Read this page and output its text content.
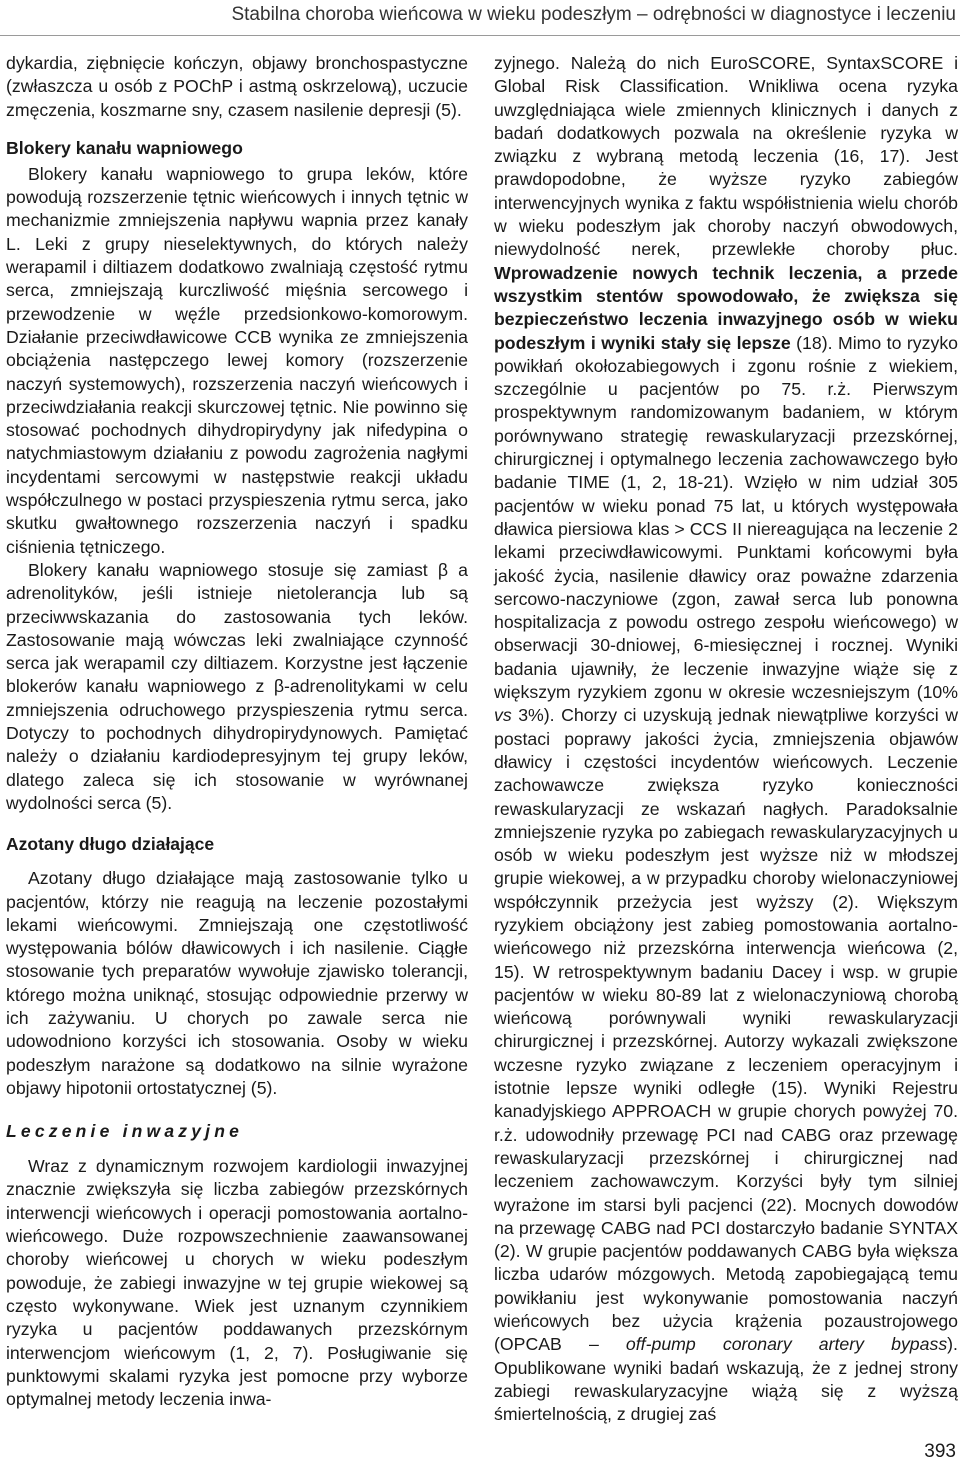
Stabilna choroba wieńcowa w wieku podeszłym – odrębności w diagnostyce i leczeniu

dykardia, ziębnięcie kończyn, objawy bronchospastyczne (zwłaszcza u osób z POChP i astmą oskrzelową), uczucie zmęczenia, koszmarne sny, czasem nasilenie depresji (5).

Blokery kanału wapniowego

Blokery kanału wapniowego to grupa leków, które powodują rozszerzenie tętnic wieńcowych i innych tętnic w mechanizmie zmniejszenia napływu wapnia przez kanały L. Leki z grupy nieselektywnych, do których należy werapamil i diltiazem dodatkowo zwalniają częstość rytmu serca, zmniejszają kurczliwość mięśnia sercowego i przewodzenie w węźle przedsionkowo-komorowym. Działanie przeciwdławicowe CCB wynika ze zmniejszenia obciążenia następczego lewej komory (rozszerzenie naczyń systemowych), rozszerzenia naczyń wieńcowych i przeciwdziałania reakcji skurczowej tętnic. Nie powinno się stosować pochodnych dihydropirydyny jak nifedypina o natychmiastowym działaniu z powodu zagrożenia nagłymi incydentami sercowymi w następstwie reakcji układu współczulnego w postaci przyspieszenia rytmu serca, jako skutku gwałtownego rozszerzenia naczyń i spadku ciśnienia tętniczego.

Blokery kanału wapniowego stosuje się zamiast β a adrenolityków, jeśli istnieje nietolerancja lub są przeciwwskazania do zastosowania tych leków. Zastosowanie mają wówczas leki zwalniające czynność serca jak werapamil czy diltiazem. Korzystne jest łączenie blokerów kanału wapniowego z β-adrenolitykami w celu zmniejszenia odruchowego przyspieszenia rytmu serca. Dotyczy to pochodnych dihydropirydynowych. Pamiętać należy o działaniu kardiodepresyjnym tej grupy leków, dlatego zaleca się ich stosowanie w wyrównanej wydolności serca (5).

Azotany długo działające

Azotany długo działające mają zastosowanie tylko u pacjentów, którzy nie reagują na leczenie pozostałymi lekami wieńcowymi. Zmniejszają one częstotliwość występowania bólów dławicowych i ich nasilenie. Ciągłe stosowanie tych preparatów wywołuje zjawisko tolerancji, którego można uniknąć, stosując odpowiednie przerwy w ich zażywaniu. U chorych po zawale serca nie udowodniono korzyści ich stosowania. Osoby w wieku podeszłym narażone są dodatkowo na silnie wyrażone objawy hipotonii ortostatycznej (5).

Leczenie inwazyjne

Wraz z dynamicznym rozwojem kardiologii inwazyjnej znacznie zwiększyła się liczba zabiegów przezskórnych interwencji wieńcowych i operacji pomostowania aortalno-wieńcowego. Duże rozpowszechnienie zaawansowanej choroby wieńcowej u chorych w wieku podeszłym powoduje, że zabiegi inwazyjne w tej grupie wiekowej są często wykonywane. Wiek jest uznanym czynnikiem ryzyka u pacjentów poddawanych przezskórnym interwencjom wieńcowym (1, 2, 7). Posługiwanie się punktowymi skalami ryzyka jest pomocne przy wyborze optymalnej metody leczenia inwa-

zyjnego. Należą do nich EuroSCORE, SyntaxSCORE i Global Risk Classification. Wnikliwa ocena ryzyka uwzględniająca wiele zmiennych klinicznych i danych z badań dodatkowych pozwala na określenie ryzyka w związku z wybraną metodą leczenia (16, 17). Jest prawdopodobne, że wyższe ryzyko zabiegów interwencyjnych wynika z faktu współistnienia wielu chorób w wieku podeszłym jak choroby naczyń obwodowych, niewydolność nerek, przewlekłe choroby płuc. Wprowadzenie nowych technik leczenia, a przede wszystkim stentów spowodowało, że zwiększa się bezpieczeństwo leczenia inwazyjnego osób w wieku podeszłym i wyniki stały się lepsze (18). Mimo to ryzyko powikłań okołozabiegowych i zgonu rośnie z wiekiem, szczególnie u pacjentów po 75. r.ż. Pierwszym prospektywnym randomizowanym badaniem, w którym porównywano strategię rewaskularyzacji przezskórnej, chirurgicznej i optymalnego leczenia zachowawczego było badanie TIME (1, 2, 18-21). Wzięło w nim udział 305 pacjentów w wieku ponad 75 lat, u których występowała dławica piersiowa klas > CCS II niereagująca na leczenie 2 lekami przeciwdławicowymi. Punktami końcowymi była jakość życia, nasilenie dławicy oraz poważne zdarzenia sercowo-naczyniowe (zgon, zawał serca lub ponowna hospitalizacja z powodu ostrego zespołu wieńcowego) w obserwacji 30-dniowej, 6-miesięcznej i rocznej. Wyniki badania ujawniły, że leczenie inwazyjne wiąże się z większym ryzykiem zgonu w okresie wczesniejszym (10% vs 3%). Chorzy ci uzyskują jednak niewątpliwe korzyści w postaci poprawy jakości życia, zmniejszenia objawów dławicy i częstości incydentów wieńcowych. Leczenie zachowawcze zwiększa ryzyko konieczności rewaskularyzacji ze wskazań nagłych. Paradoksalnie zmniejszenie ryzyka po zabiegach rewaskularyzacyjnych u osób w wieku podeszłym jest wyższe niż w młodszej grupie wiekowej, a w przypadku choroby wielonaczyniowej współczynnik przeżycia jest wyższy (2). Większym ryzykiem obciążony jest zabieg pomostowania aortalno-wieńcowego niż przezskórna interwencja wieńcowa (2, 15). W retrospektywnym badaniu Dacey i wsp. w grupie pacjentów w wieku 80-89 lat z wielonaczyniową chorobą wieńcową porównywali wyniki rewaskularyzacji chirurgicznej i przezskórnej. Autorzy wykazali zwiększone wczesne ryzyko związane z leczeniem operacyjnym i istotnie lepsze wyniki odległe (15). Wyniki Rejestru kanadyjskiego APPROACH w grupie chorych powyżej 70. r.ż. udowodniły przewagę PCI nad CABG oraz przewagę rewaskularyzacji przezskórnej i chirurgicznej nad leczeniem zachowawczym. Korzyści były tym silniej wyrażone im starsi byli pacjenci (22). Mocnych dowodów na przewagę CABG nad PCI dostarczyło badanie SYNTAX (2). W grupie pacjentów poddawanych CABG była większa liczba udarów mózgowych. Metodą zapobiegającą temu powikłaniu jest wykonywanie pomostowania naczyń wieńcowych bez użycia krążenia pozaustrojowego (OPCAB – off-pump coronary artery bypass). Opublikowane wyniki badań wskazują, że z jednej strony zabiegi rewaskularyzacyjne wiążą się z wyższą śmiertelnością, z drugiej zaś

393
